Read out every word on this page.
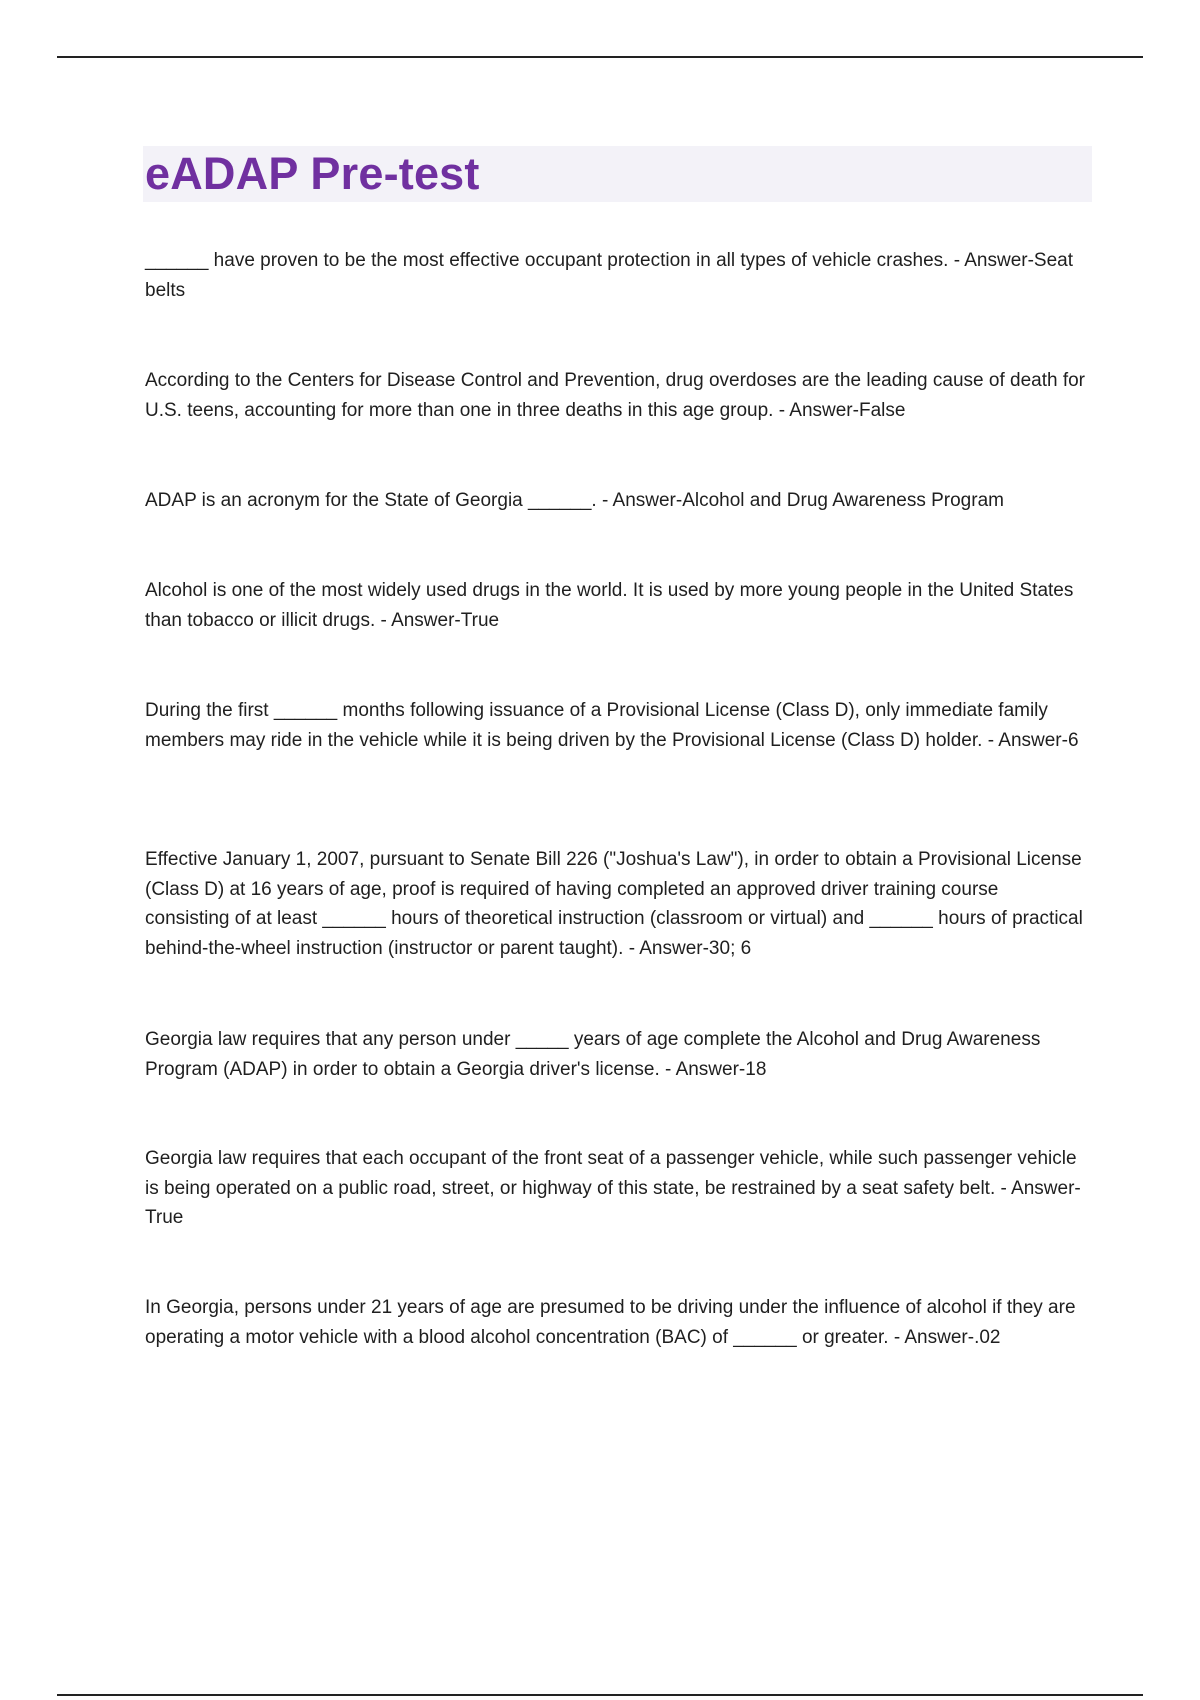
eADAP Pre-test

______ have proven to be the most effective occupant protection in all types of vehicle crashes. - Answer-Seat belts

According to the Centers for Disease Control and Prevention, drug overdoses are the leading cause of death for U.S. teens, accounting for more than one in three deaths in this age group. - Answer-False

ADAP is an acronym for the State of Georgia ______. - Answer-Alcohol and Drug Awareness Program

Alcohol is one of the most widely used drugs in the world. It is used by more young people in the United States than tobacco or illicit drugs. - Answer-True

During the first ______ months following issuance of a Provisional License (Class D), only immediate family members may ride in the vehicle while it is being driven by the Provisional License (Class D) holder. - Answer-6

Effective January 1, 2007, pursuant to Senate Bill 226 ("Joshua's Law"), in order to obtain a Provisional License (Class D) at 16 years of age, proof is required of having completed an approved driver training course consisting of at least ______ hours of theoretical instruction (classroom or virtual) and ______ hours of practical behind-the-wheel instruction (instructor or parent taught). - Answer-30; 6

Georgia law requires that any person under _____ years of age complete the Alcohol and Drug Awareness Program (ADAP) in order to obtain a Georgia driver's license. - Answer-18

Georgia law requires that each occupant of the front seat of a passenger vehicle, while such passenger vehicle is being operated on a public road, street, or highway of this state, be restrained by a seat safety belt. - Answer-True

In Georgia, persons under 21 years of age are presumed to be driving under the influence of alcohol if they are operating a motor vehicle with a blood alcohol concentration (BAC) of ______ or greater. - Answer-.02
